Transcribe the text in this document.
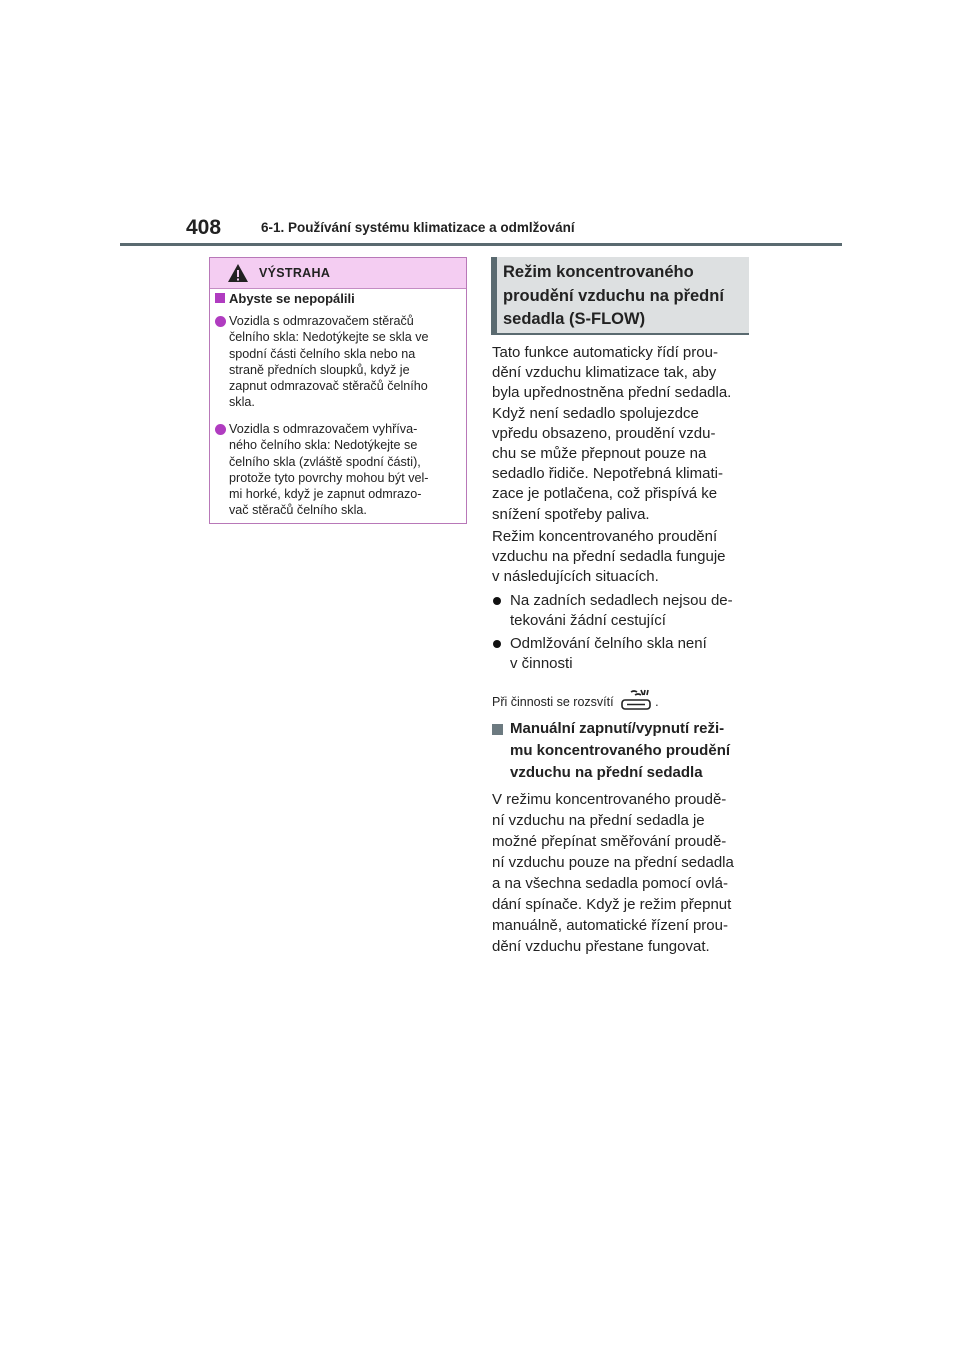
408	6-1. Používání systému klimatizace a odmlžování
VÝSTRAHA
Abyste se nepopálili
Vozidla s odmrazovačem stěračů
čelního skla: Nedotýkejte se skla ve
spodní části čelního skla nebo na
straně předních sloupků, když je
zapnut odmrazovač stěračů čelního
skla.
Vozidla s odmrazovačem vyhříva-
ného čelního skla: Nedotýkejte se
čelního skla (zvláště spodní části),
protože tyto povrchy mohou být vel-
mi horké, když je zapnut odmrazo-
vač stěračů čelního skla.
Režim koncentrovaného
proudění vzduchu na přední
sedadla (S-FLOW)
Tato funkce automaticky řídí prou-
dění vzduchu klimatizace tak, aby
byla upřednostněna přední sedadla.
Když není sedadlo spolujezdce
vpředu obsazeno, proudění vzdu-
chu se může přepnout pouze na
sedadlo řidiče. Nepotřebná klimati-
zace je potlačena, což přispívá ke
snížení spotřeby paliva.
Režim koncentrovaného proudění
vzduchu na přední sedadla funguje
v následujících situacích.
Na zadních sedadlech nejsou de-
tekováni žádní cestující
Odmlžování čelního skla není
v činnosti
Při činnosti se rozsvítí	.
Manuální zapnutí/vypnutí reži-
mu koncentrovaného proudění
vzduchu na přední sedadla
V režimu koncentrovaného proudě-
ní vzduchu na přední sedadla je
možné přepínat směřování proudě-
ní vzduchu pouze na přední sedadla
a na všechna sedadla pomocí ovlá-
dání spínače. Když je režim přepnut
manuálně, automatické řízení prou-
dění vzduchu přestane fungovat.
